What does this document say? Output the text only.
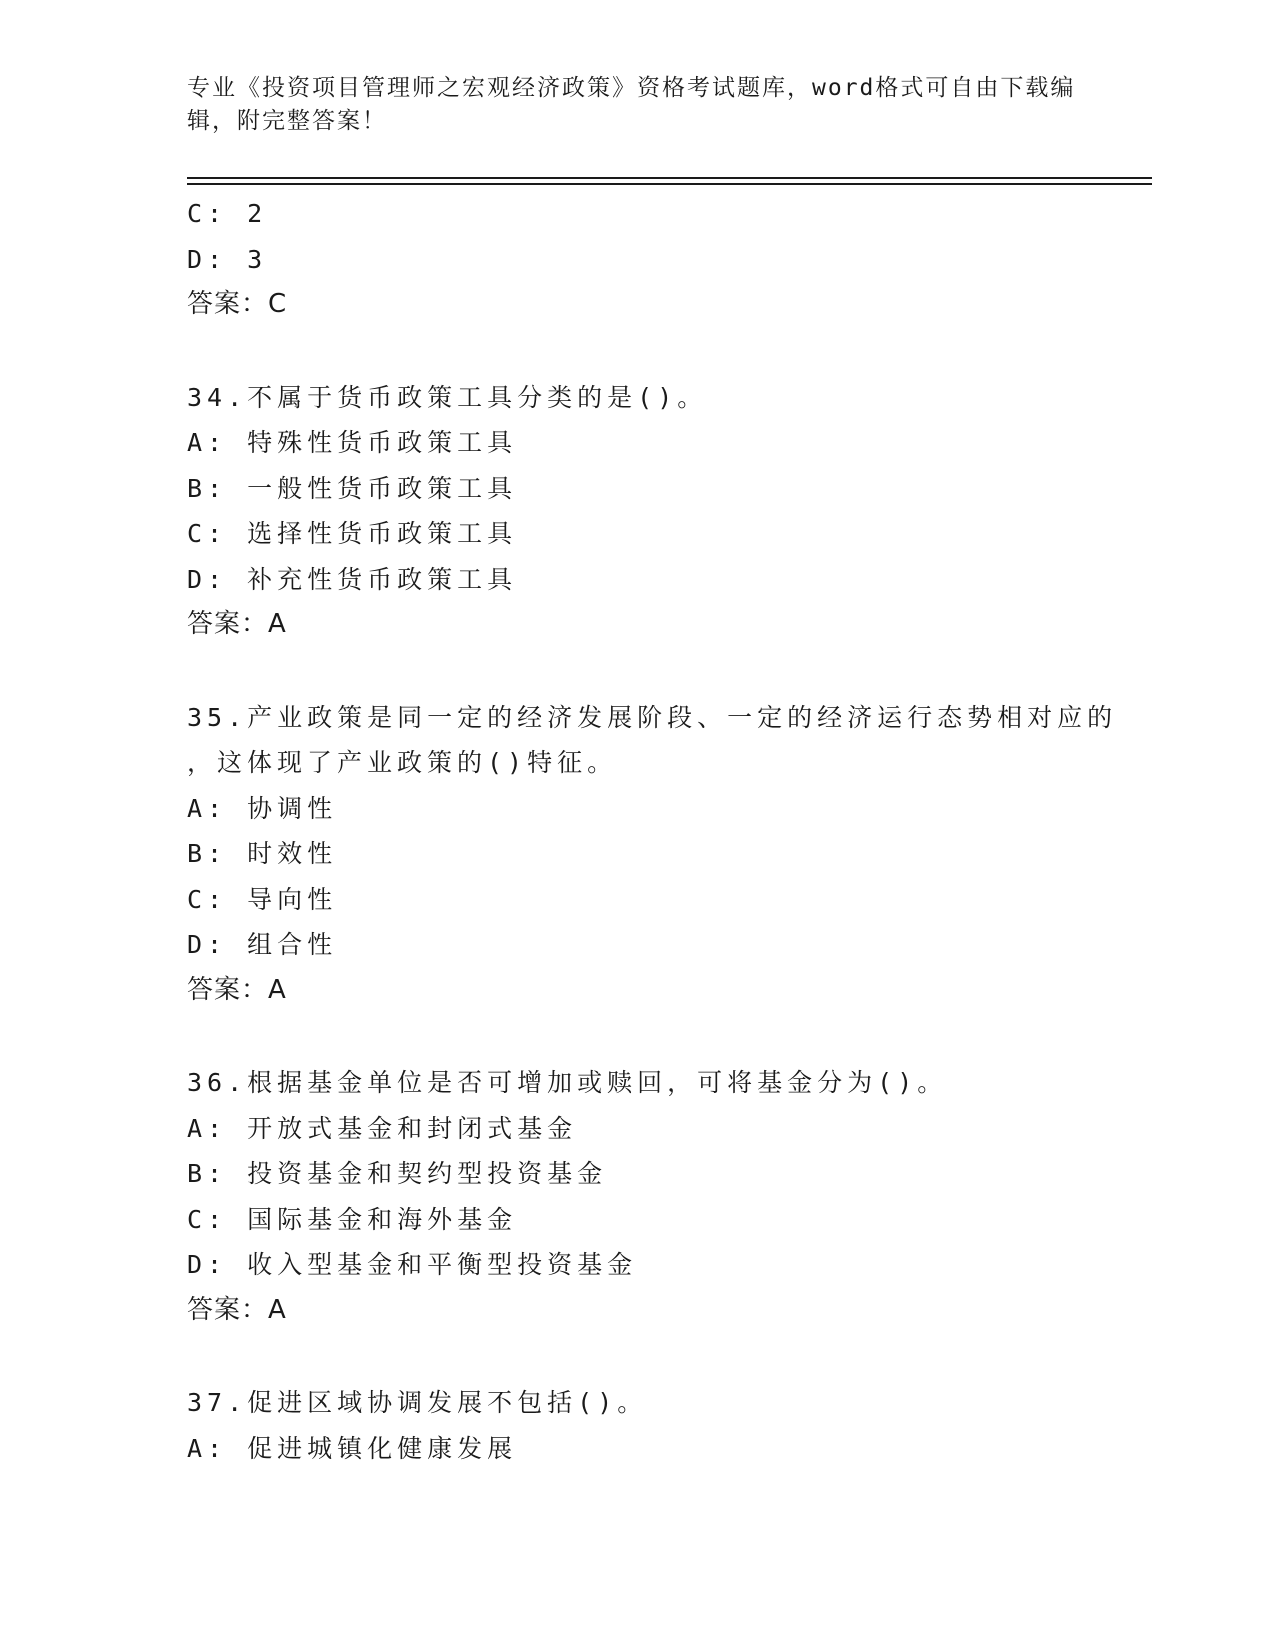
专业《投资项目管理师之宏观经济政策》资格考试题库，word格式可自由下载编辑，附完整答案！
C: 2
D: 3
答案：C
34.不属于货币政策工具分类的是()。
A: 特殊性货币政策工具
B: 一般性货币政策工具
C: 选择性货币政策工具
D: 补充性货币政策工具
答案：A
35.产业政策是同一定的经济发展阶段、一定的经济运行态势相对应的
，这体现了产业政策的()特征。
A: 协调性
B: 时效性
C: 导向性
D: 组合性
答案：A
36.根据基金单位是否可增加或赎回，可将基金分为()。
A: 开放式基金和封闭式基金
B: 投资基金和契约型投资基金
C: 国际基金和海外基金
D: 收入型基金和平衡型投资基金
答案：A
37.促进区域协调发展不包括()。
A: 促进城镇化健康发展
